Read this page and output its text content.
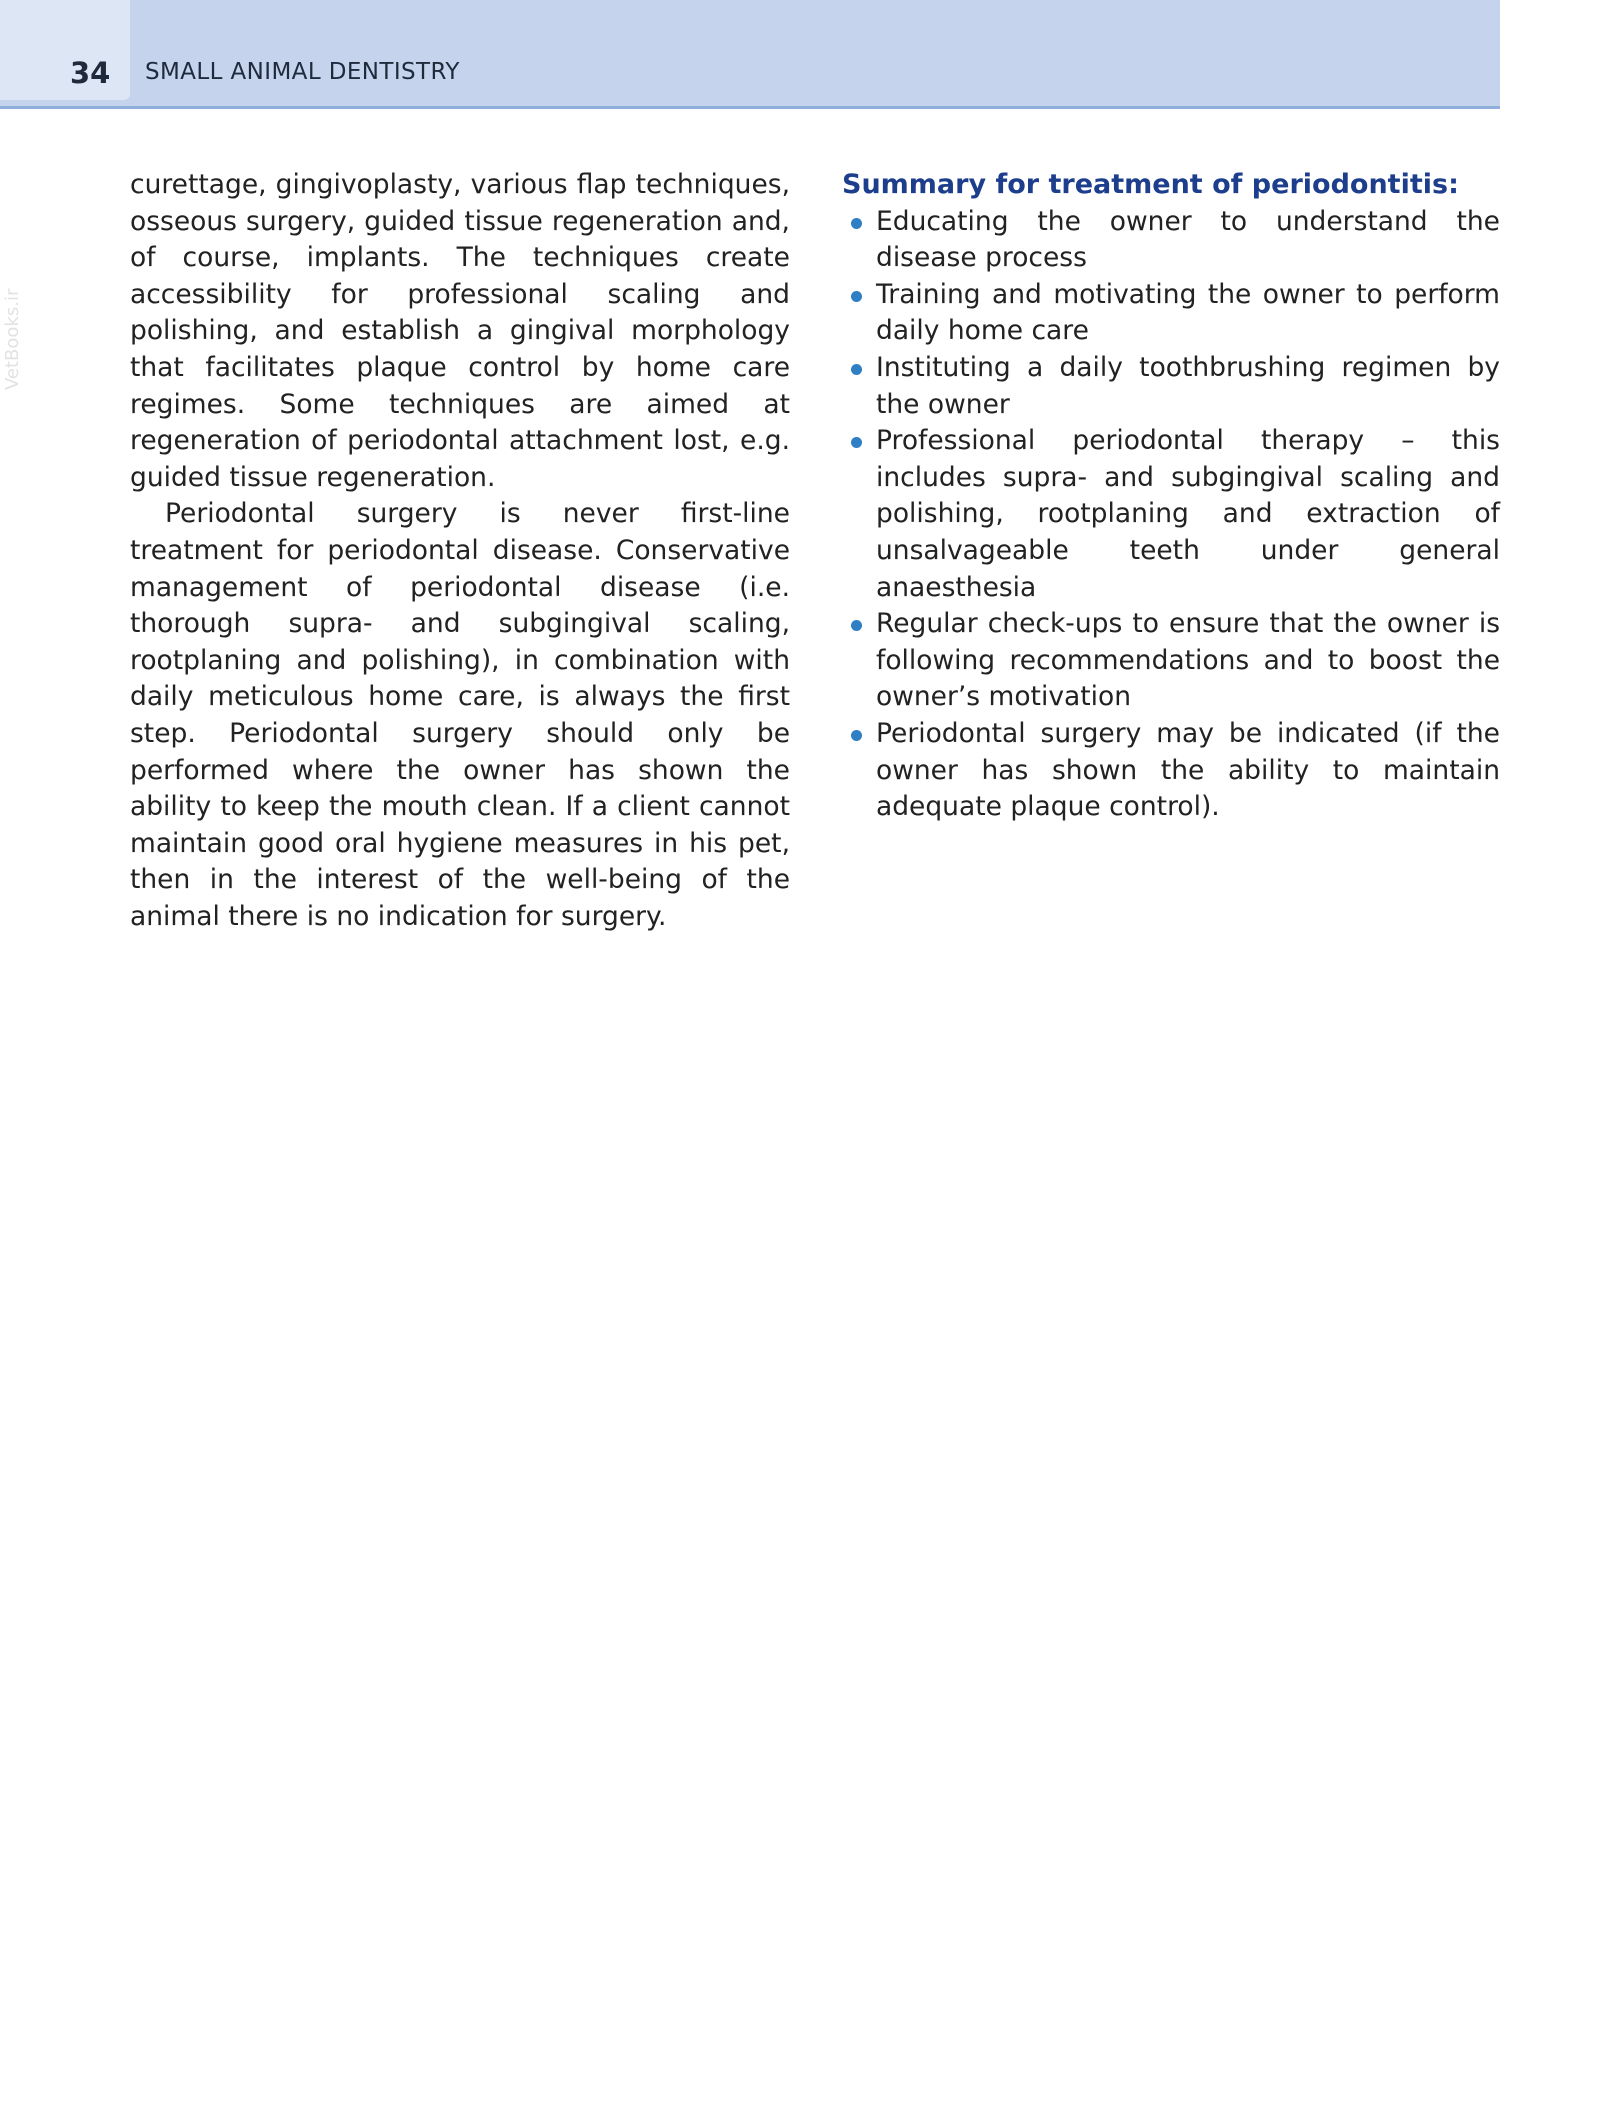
34 SMALL ANIMAL DENTISTRY
VetBooks.ir

curettage, gingivoplasty, various flap techniques, osseous surgery, guided tissue regeneration and, of course, implants. The techniques create accessibility for professional scaling and polishing, and establish a gingival morphology that facilitates plaque control by home care regimes. Some techniques are aimed at regeneration of periodontal attachment lost, e.g. guided tissue regeneration.

Periodontal surgery is never first-line treatment for periodontal disease. Conservative management of periodontal disease (i.e. thorough supra- and subgingival scaling, rootplaning and polishing), in combination with daily meticulous home care, is always the first step. Periodontal surgery should only be performed where the owner has shown the ability to keep the mouth clean. If a client cannot maintain good oral hygiene measures in his pet, then in the interest of the well-being of the animal there is no indication for surgery.

Summary for treatment of periodontitis:
Educating the owner to understand the disease process
Training and motivating the owner to perform daily home care
Instituting a daily toothbrushing regimen by the owner
Professional periodontal therapy – this includes supra- and subgingival scaling and polishing, rootplaning and extraction of unsalvageable teeth under general anaesthesia
Regular check-ups to ensure that the owner is following recommendations and to boost the owner’s motivation
Periodontal surgery may be indicated (if the owner has shown the ability to maintain adequate plaque control).
